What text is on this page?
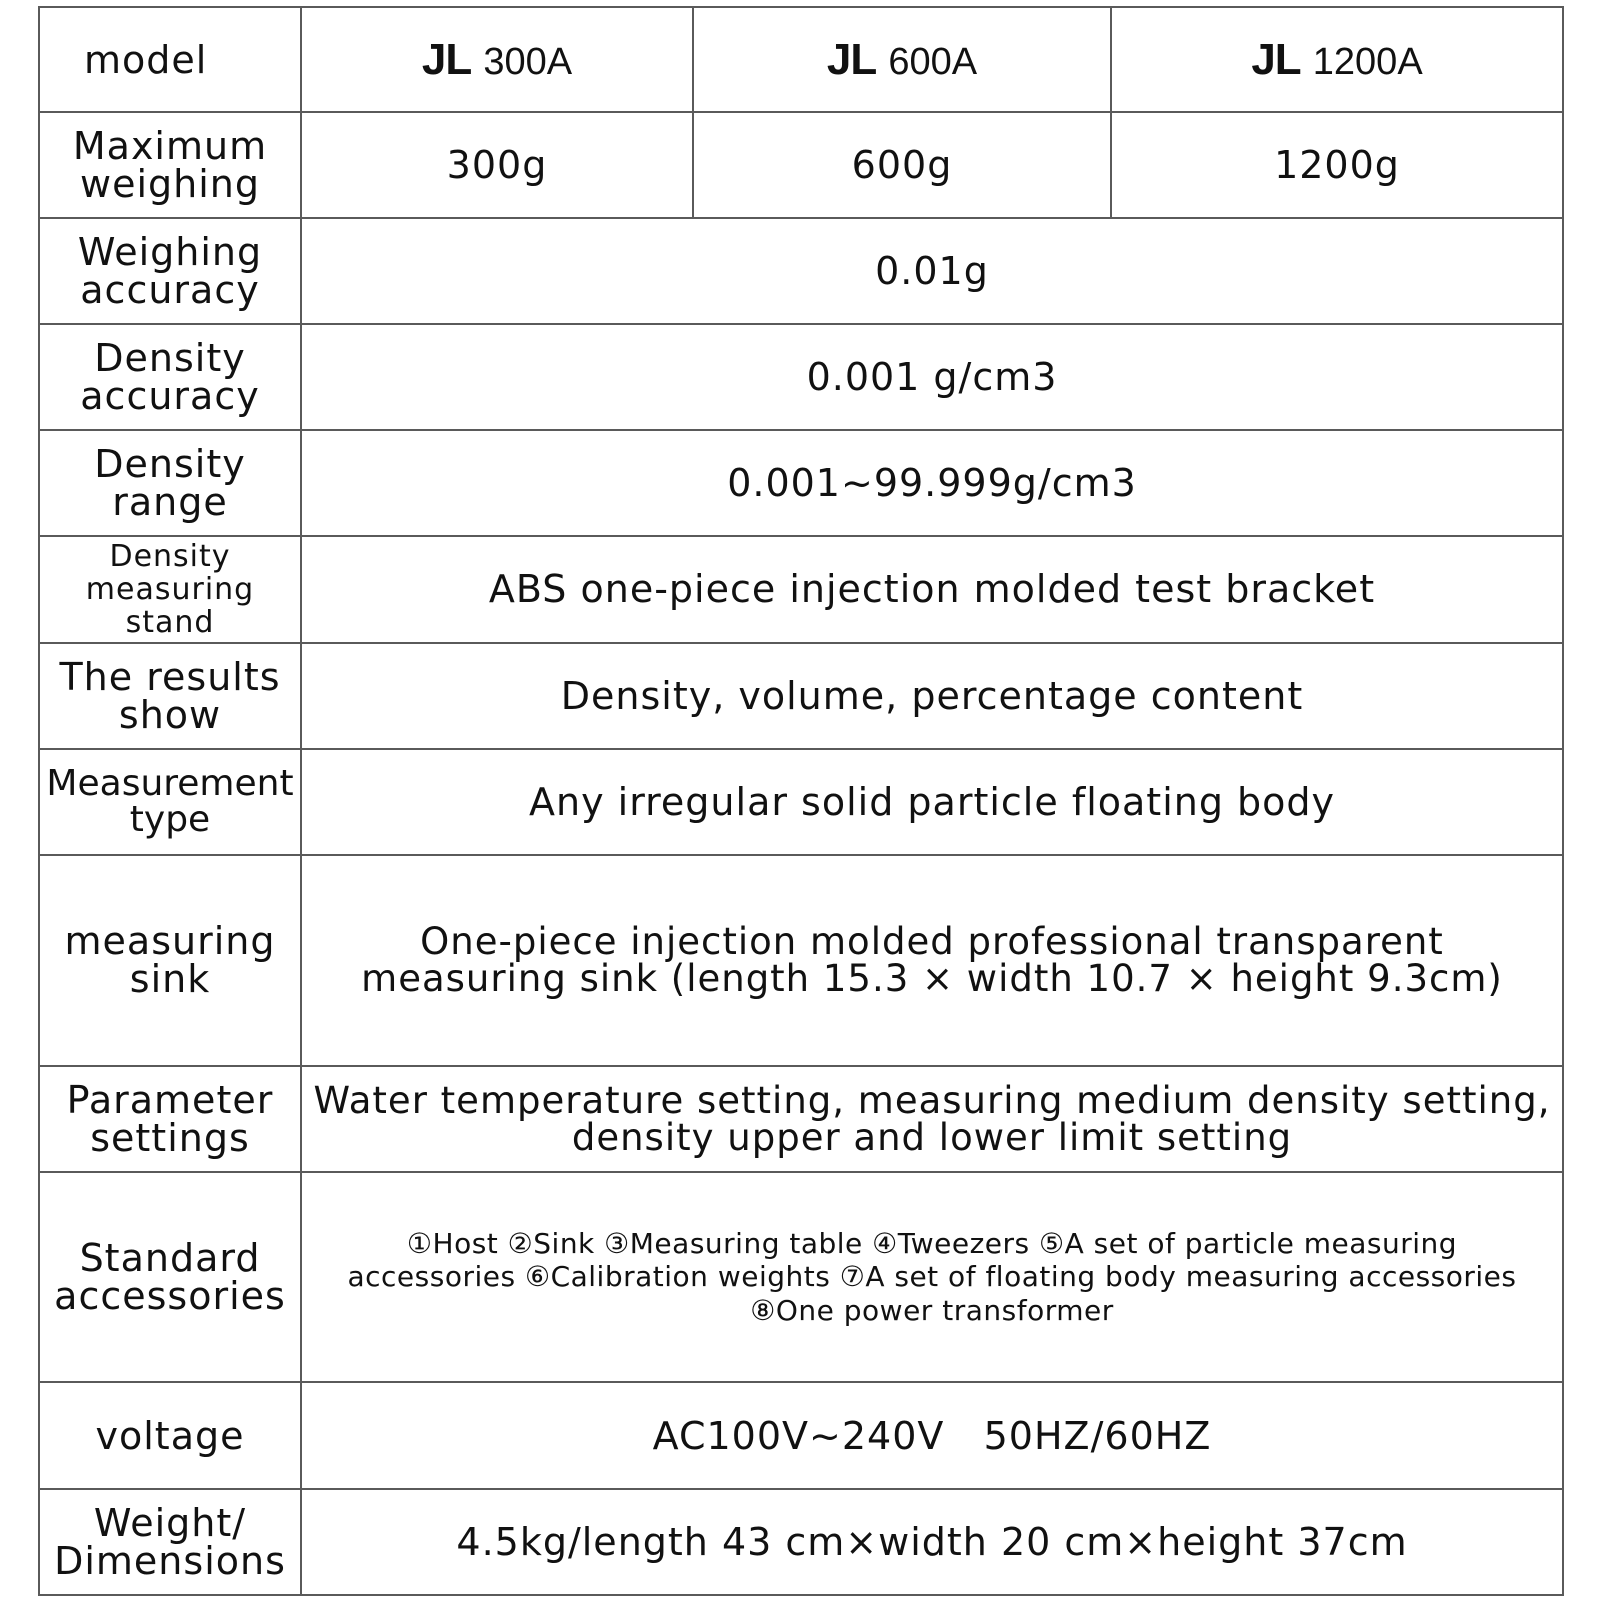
model	JL 300A	JL 600A	JL 1200A

Maximum
weighing	300g	600g	1200g

Weighing
accuracy	0.01g		

Density
accuracy	0.001 g/cm3		

Density
range	0.001~99.999g/cm3		

Density
measuring
stand	ABS one-piece injection molded test bracket		

The results
show	Density, volume, percentage content		

Measurement
type	Any irregular solid particle floating body		

measuring
sink	One-piece injection molded professional transparent
measuring sink (length 15.3 × width 10.7 × height 9.3cm)		

Parameter
settings	Water temperature setting, measuring medium density setting,
density upper and lower limit setting		

Standard
accessories	①Host ②Sink ③Measuring table ④Tweezers ⑤A set of particle measuring
accessories ⑥Calibration weights ⑦A set of floating body measuring accessories
⑧One power transformer		

voltage	AC100V~240V   50HZ/60HZ		

Weight/
Dimensions	4.5kg/length 43 cm×width 20 cm×height 37cm		
